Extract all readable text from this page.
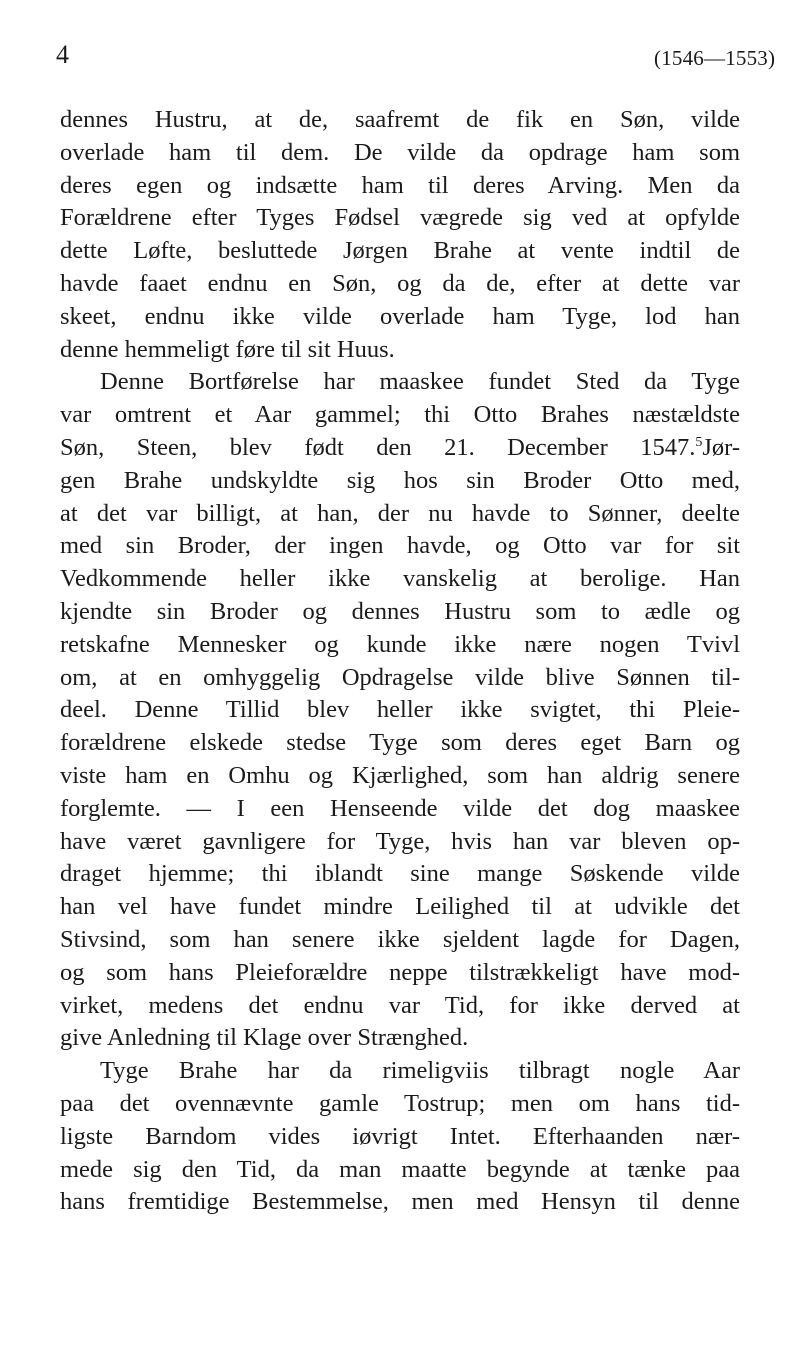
4	(1546—1553)
dennes Hustru, at de, saafremt de fik en Søn, vilde
overlade ham til dem. De vilde da opdrage ham som
deres egen og indsætte ham til deres Arving. Men da
Forældrene efter Tyges Fødsel vægrede sig ved at opfylde
dette Løfte, besluttede Jørgen Brahe at vente indtil de
havde faaet endnu en Søn, og da de, efter at dette var
skeet, endnu ikke vilde overlade ham Tyge, lod han
denne hemmeligt føre til sit Huus.
Denne Bortførelse har maaskee fundet Sted da Tyge
var omtrent et Aar gammel; thi Otto Brahes næstældste
Søn, Steen, blev født den 21. December 1547.$^5$Jør-
gen Brahe undskyldte sig hos sin Broder Otto med,
at det var billigt, at han, der nu havde to Sønner, deelte
med sin Broder, der ingen havde, og Otto var for sit
Vedkommende heller ikke vanskelig at berolige. Han
kjendte sin Broder og dennes Hustru som to ædle og
retskafne Mennesker og kunde ikke nære nogen Tvivl
om, at en omhyggelig Opdragelse vilde blive Sønnen til-
deel. Denne Tillid blev heller ikke svigtet, thi Pleie-
forældrene elskede stedse Tyge som deres eget Barn og
viste ham en Omhu og Kjærlighed, som han aldrig senere
forglemte. — I een Henseende vilde det dog maaskee
have været gavnligere for Tyge, hvis han var bleven op-
draget hjemme; thi iblandt sine mange Søskende vilde
han vel have fundet mindre Leilighed til at udvikle det
Stivsind, som han senere ikke sjeldent lagde for Dagen,
og som hans Pleieforældre neppe tilstrækkeligt have mod-
virket, medens det endnu var Tid, for ikke derved at
give Anledning til Klage over Strænghed.
Tyge Brahe har da rimeligviis tilbragt nogle Aar
paa det ovennævnte gamle Tostrup; men om hans tid-
ligste Barndom vides iøvrigt Intet. Efterhaanden nær-
mede sig den Tid, da man maatte begynde at tænke paa
hans fremtidige Bestemmelse, men med Hensyn til denne
